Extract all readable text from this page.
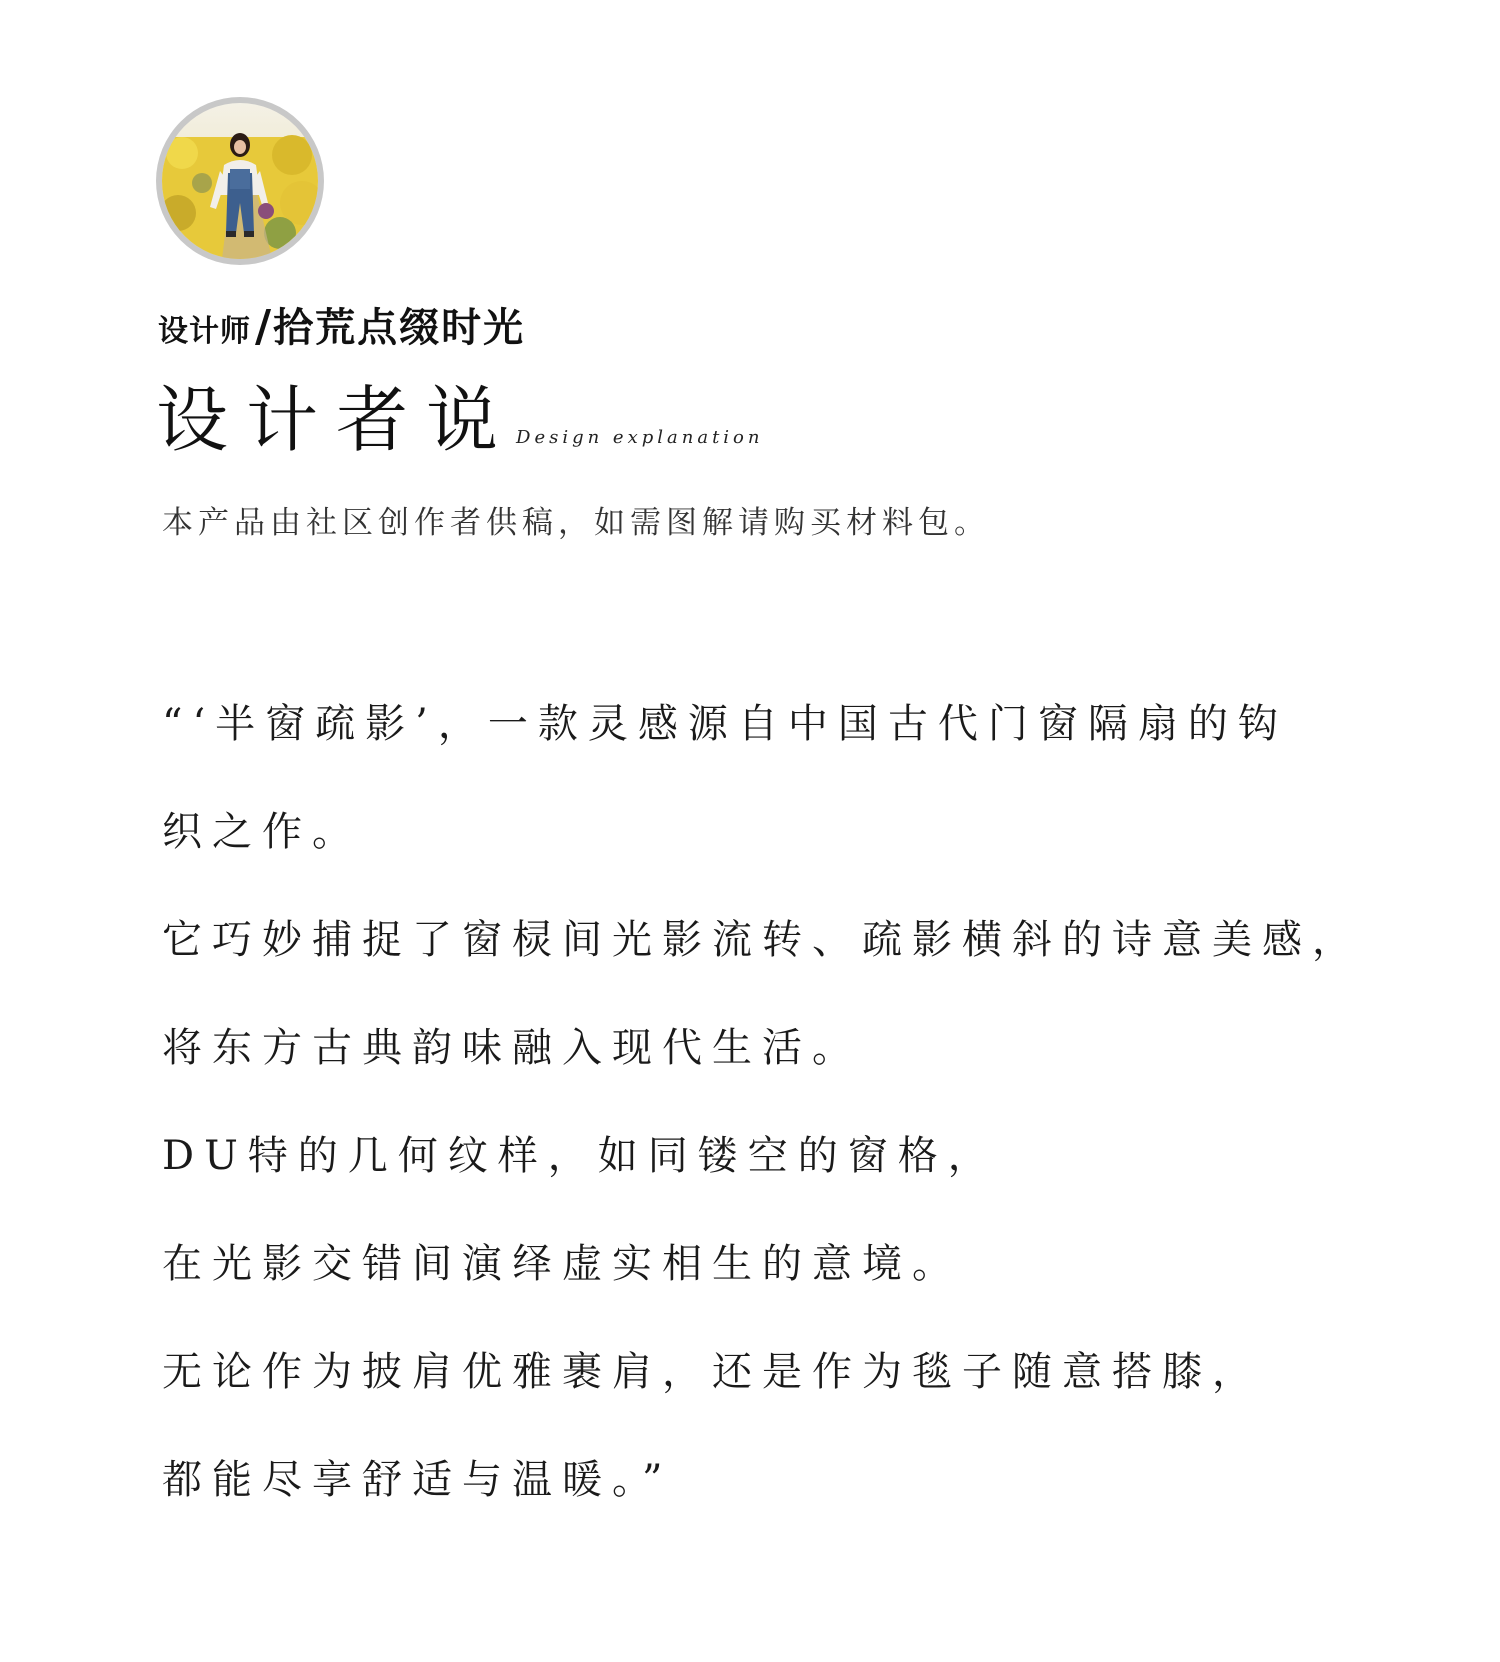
设计师 / 拾荒点缀时光
设计者说 Design explanation
本产品由社区创作者供稿，如需图解请购买材料包。
“‘半窗疏影’，一款灵感源自中国古代门窗隔扇的钩
织之作。
它巧妙捕捉了窗棂间光影流转、疏影横斜的诗意美感，
将东方古典韵味融入现代生活。
DU特的几何纹样，如同镂空的窗格，
在光影交错间演绎虚实相生的意境。
无论作为披肩优雅裹肩，还是作为毯子随意搭膝，
都能尽享舒适与温暖。”
